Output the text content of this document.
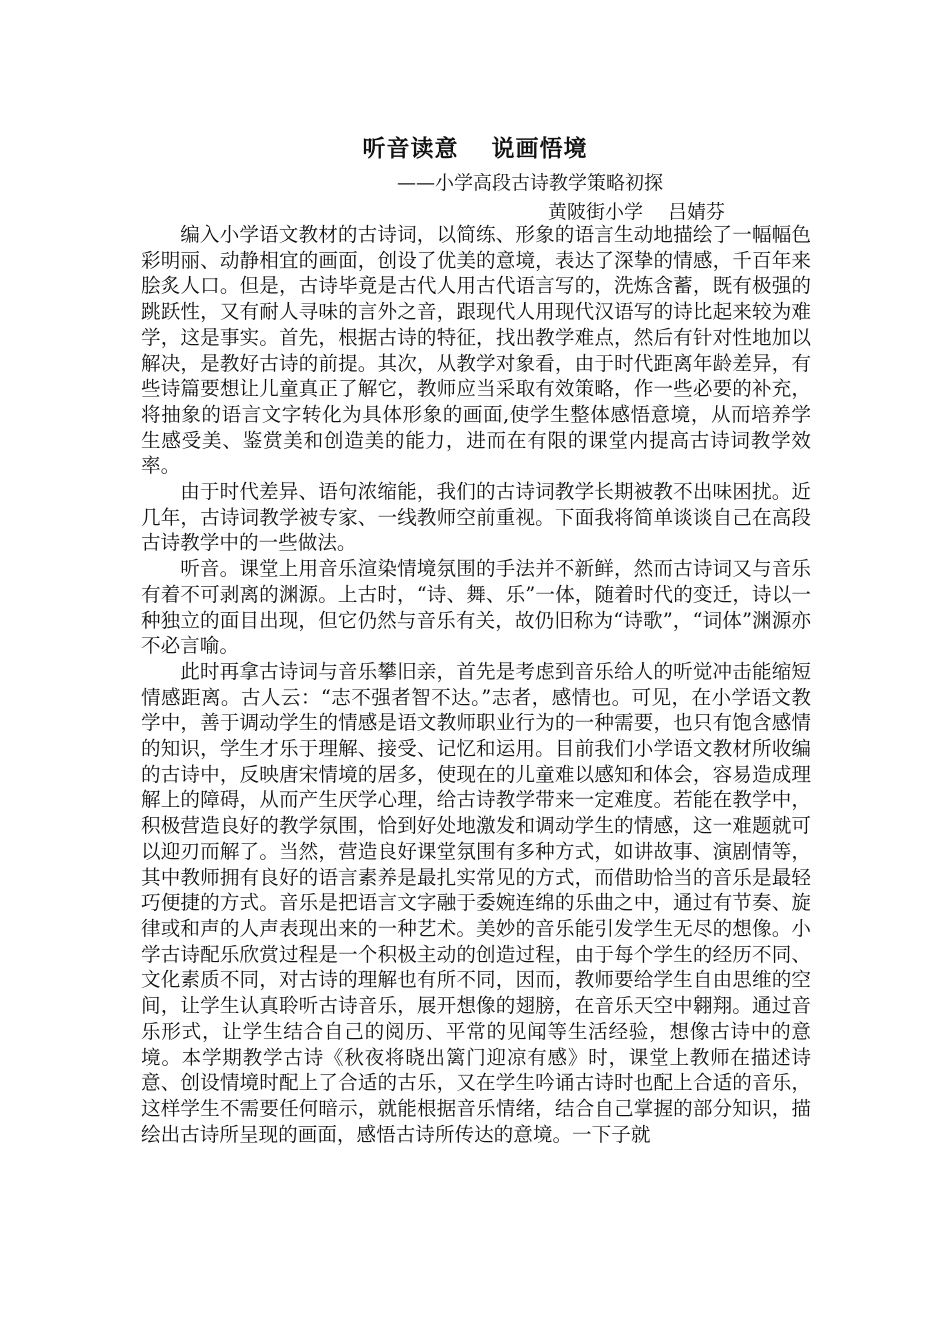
听音读意　 说画悟境
——小学高段古诗教学策略初探
黄陂街小学　 吕婧芬

编入小学语文教材的古诗词，以简练、形象的语言生动地描绘了一幅幅色彩明丽、动静相宜的画面，创设了优美的意境，表达了深挚的情感，千百年来脍炙人口。但是，古诗毕竟是古代人用古代语言写的，洗炼含蓄，既有极强的跳跃性，又有耐人寻味的言外之音，跟现代人用现代汉语写的诗比起来较为难学，这是事实。首先，根据古诗的特征，找出教学难点，然后有针对性地加以解决，是教好古诗的前提。其次，从教学对象看，由于时代距离年龄差异，有些诗篇要想让儿童真正了解它，教师应当采取有效策略，作一些必要的补充，将抽象的语言文字转化为具体形象的画面,使学生整体感悟意境，从而培养学生感受美、鉴赏美和创造美的能力，进而在有限的课堂内提高古诗词教学效率。

由于时代差异、语句浓缩能，我们的古诗词教学长期被教不出味困扰。近几年，古诗词教学被专家、一线教师空前重视。下面我将简单谈谈自己在高段古诗教学中的一些做法。

听音。课堂上用音乐渲染情境氛围的手法并不新鲜，然而古诗词又与音乐有着不可剥离的渊源。上古时，“诗、舞、乐”一体，随着时代的变迁，诗以一种独立的面目出现，但它仍然与音乐有关，故仍旧称为“诗歌”，“词体”渊源亦不必言喻。

此时再拿古诗词与音乐攀旧亲，首先是考虑到音乐给人的听觉冲击能缩短情感距离。古人云：“志不强者智不达。”志者，感情也。可见，在小学语文教学中，善于调动学生的情感是语文教师职业行为的一种需要，也只有饱含感情的知识，学生才乐于理解、接受、记忆和运用。目前我们小学语文教材所收编的古诗中，反映唐宋情境的居多，使现在的儿童难以感知和体会，容易造成理解上的障碍，从而产生厌学心理，给古诗教学带来一定难度。若能在教学中，积极营造良好的教学氛围，恰到好处地激发和调动学生的情感，这一难题就可以迎刃而解了。当然，营造良好课堂氛围有多种方式，如讲故事、演剧情等，其中教师拥有良好的语言素养是最扎实常见的方式，而借助恰当的音乐是最轻巧便捷的方式。音乐是把语言文字融于委婉连绵的乐曲之中，通过有节奏、旋律或和声的人声表现出来的一种艺术。美妙的音乐能引发学生无尽的想像。小学古诗配乐欣赏过程是一个积极主动的创造过程，由于每个学生的经历不同、文化素质不同，对古诗的理解也有所不同，因而，教师要给学生自由思维的空间，让学生认真聆听古诗音乐，展开想像的翅膀，在音乐天空中翱翔。通过音乐形式，让学生结合自己的阅历、平常的见闻等生活经验，想像古诗中的意境。本学期教学古诗《秋夜将晓出篱门迎凉有感》时，课堂上教师在描述诗意、创设情境时配上了合适的古乐，又在学生吟诵古诗时也配上合适的音乐，这样学生不需要任何暗示，就能根据音乐情绪，结合自己掌握的部分知识，描绘出古诗所呈现的画面，感悟古诗所传达的意境。一下子就
